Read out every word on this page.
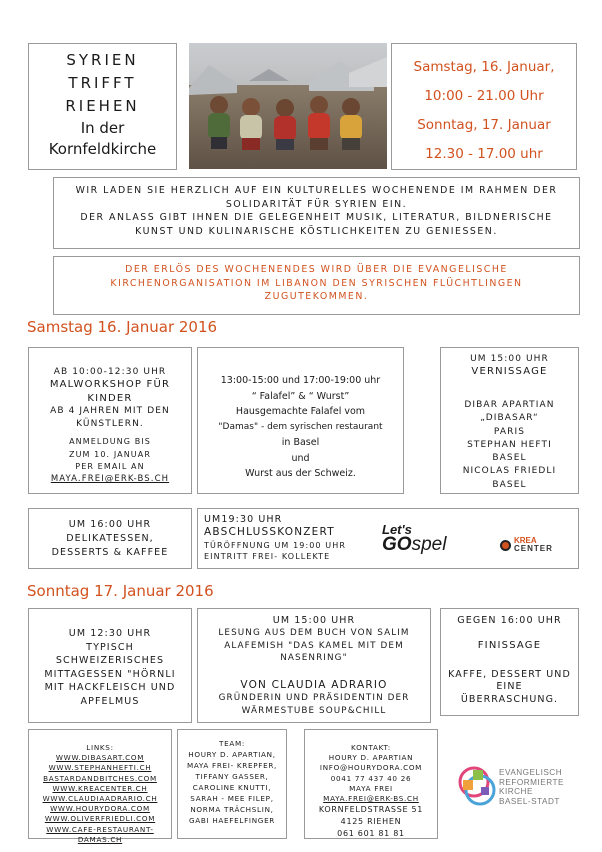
SYRIEN
TRIFFT
RIEHEN
In der
Kornfeldkirche
Samstag, 16. Januar,
10:00 - 21.00 Uhr
Sonntag, 17. Januar
12.30 - 17.00 uhr
WIR LADEN SIE HERZLICH AUF EIN KULTURELLES WOCHENENDE IM RAHMEN DER
SOLIDARITÄT FÜR SYRIEN EIN.
DER ANLASS GIBT IHNEN DIE GELEGENHEIT MUSIK, LITERATUR, BILDNERISCHE
KUNST UND KULINARISCHE KÖSTLICHKEITEN ZU GENIESSEN.
DER ERLÖS DES WOCHENENDES WIRD ÜBER DIE EVANGELISCHE
KIRCHENORGANISATION IM LIBANON DEN SYRISCHEN FLÜCHTLINGEN
ZUGUTEKOMMEN.
Samstag 16. Januar 2016
AB 10:00-12:30 UHR
MALWORKSHOP FÜR
KINDER
AB 4 JAHREN MIT DEN
KÜNSTLERN.
ANMELDUNG BIS
ZUM 10. JANUAR
PER EMAIL AN
MAYA.FREI@ERK-BS.CH
13:00-15:00 und 17:00-19:00 uhr
“ Falafel” & “ Wurst”
Hausgemachte Falafel vom
"Damas" - dem syrischen restaurant
in Basel
und
Wurst aus der Schweiz.
UM 15:00 UHR
VERNISSAGE
DIBAR APARTIAN
„DIBASAR“
PARIS
STEPHAN HEFTI
BASEL
NICOLAS FRIEDLI
BASEL
UM 16:00 UHR
DELIKATESSEN,
DESSERTS & KAFFEE
UM19:30 UHR
ABSCHLUSSKONZERT
TÜRÖFFNUNG UM 19:00 UHR
EINTRITT FREI- KOLLEKTE
Let's
GOspel	KREA
CENTER
Sonntag 17. Januar 2016
UM 12:30 UHR
TYPISCH
SCHWEIZERISCHES
MITTAGESSEN "HÖRNLI
MIT HACKFLEISCH UND
APFELMUS
UM 15:00 UHR
LESUNG AUS DEM BUCH VON SALIM
ALAFEMISH "DAS KAMEL MIT DEM
NASENRING"
VON CLAUDIA ADRARIO
GRÜNDERIN UND PRÄSIDENTIN DER
WÄRMESTUBE SOUP&CHILL
GEGEN 16:00 UHR
FINISSAGE
KAFFE, DESSERT UND
EINE
ÜBERRASCHUNG.
LINKS:
WWW.DIBASART.COM
WWW.STEPHANHEFTI.CH
BASTARDANDBITCHES.COM
WWW.KREACENTER.CH
WWW.CLAUDIAADRARIO.CH
WWW.HOURYDORA.COM
WWW.OLIVERFRIEDLI.COM
WWW.CAFE-RESTAURANT-
DAMAS.CH
TEAM:
HOURY D. APARTIAN,
MAYA FREI- KREPFER,
TIFFANY GASSER,
CAROLINE KNUTTI,
SARAH - MEE FILEP,
NORMA TRÄCHSLIN,
GABI HAEFELFINGER
KONTAKT:
HOURY D. APARTIAN
INFO@HOURYDORA.COM
0041 77 437 40 26
MAYA FREI
MAYA.FREI@ERK-BS.CH
KORNFELDSTRASSE 51
4125 RIEHEN
061 601 81 81
EVANGELISCH
REFORMIERTE
KIRCHE
BASEL-STADT
